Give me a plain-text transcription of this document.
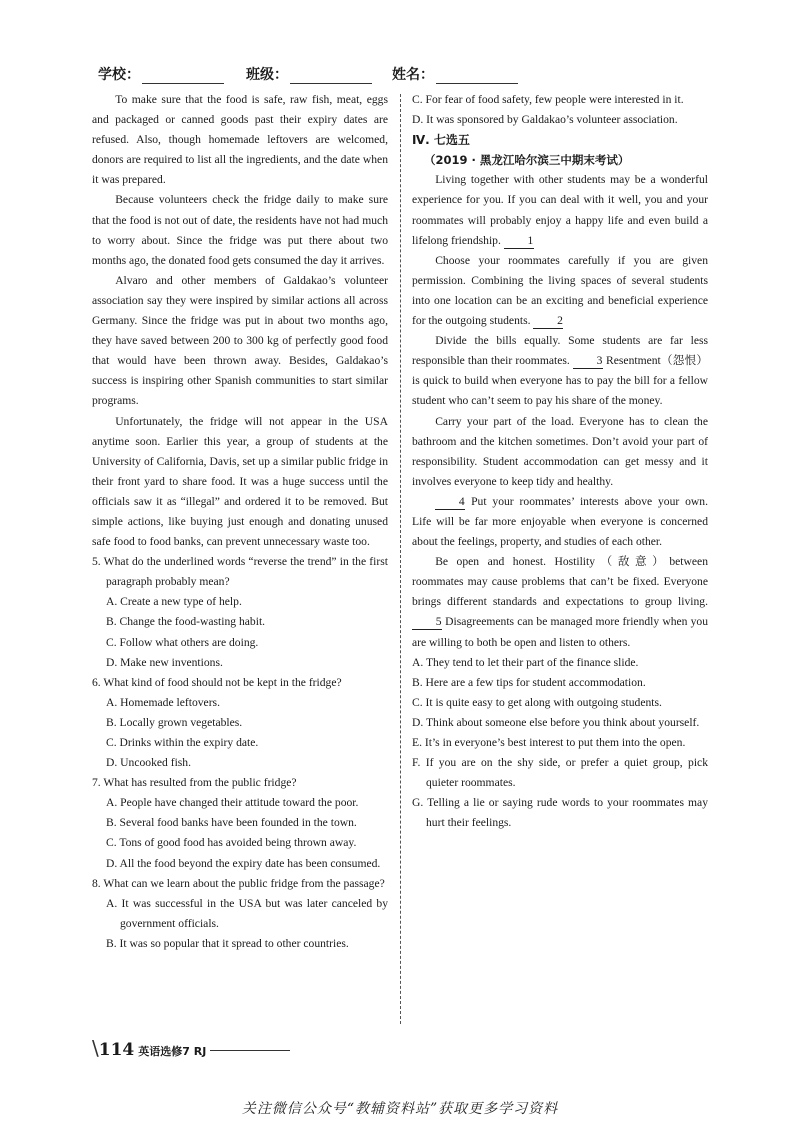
学校：	班级：	姓名：

To make sure that the food is safe, raw fish, meat, eggs and packaged or canned goods past their expiry dates are refused. Also, though homemade leftovers are welcomed, donors are required to list all the ingredients, and the date when it was prepared.

Because volunteers check the fridge daily to make sure that the food is not out of date, the residents have not had much to worry about. Since the fridge was put there about two months ago, the donated food gets consumed the day it arrives.

Alvaro and other members of Galdakao’s volunteer association say they were inspired by similar actions all across Germany. Since the fridge was put in about two months ago, they have saved between 200 to 300 kg of perfectly good food that would have been thrown away. Besides, Galdakao’s success is inspiring other Spanish communities to start similar programs.

Unfortunately, the fridge will not appear in the USA anytime soon. Earlier this year, a group of students at the University of California, Davis, set up a similar public fridge in their front yard to share food. It was a huge success until the officials saw it as “illegal” and ordered it to be removed. But simple actions, like buying just enough and donating unused safe food to food banks, can prevent unnecessary waste too.

5. What do the underlined words “reverse the trend” in the first paragraph probably mean?

A. Create a new type of help.

B. Change the food-wasting habit.

C. Follow what others are doing.

D. Make new inventions.

6. What kind of food should not be kept in the fridge?

A. Homemade leftovers.

B. Locally grown vegetables.

C. Drinks within the expiry date.

D. Uncooked fish.

7. What has resulted from the public fridge?

A. People have changed their attitude toward the poor.

B. Several food banks have been founded in the town.

C. Tons of good food has avoided being thrown away.

D. All the food beyond the expiry date has been consumed.

8. What can we learn about the public fridge from the passage?

A. It was successful in the USA but was later canceled by government officials.

B. It was so popular that it spread to other countries.

C. For fear of food safety, few people were interested in it.

D. It was sponsored by Galdakao’s volunteer association.

Ⅳ. 七选五

（2019 · 黑龙江哈尔滨三中期末考试）

Living together with other students may be a wonderful experience for you. If you can deal with it well, you and your roommates will probably enjoy a happy life and even build a lifelong friendship. 1

Choose your roommates carefully if you are given permission. Combining the living spaces of several students into one location can be an exciting and beneficial experience for the outgoing students. 2

Divide the bills equally. Some students are far less responsible than their roommates. 3 Resentment（怨恨）is quick to build when everyone has to pay the bill for a fellow student who can’t seem to pay his share of the money.

Carry your part of the load. Everyone has to clean the bathroom and the kitchen sometimes. Don’t avoid your part of responsibility. Student accommodation can get messy and it involves everyone to keep tidy and healthy.

4 Put your roommates’ interests above your own. Life will be far more enjoyable when everyone is concerned about the feelings, property, and studies of each other.

Be open and honest. Hostility（敌意）between roommates may cause problems that can’t be fixed. Everyone brings different standards and expectations to group living. 5 Disagreements can be managed more friendly when you are willing to both be open and listen to others.

A. They tend to let their part of the finance slide.

B. Here are a few tips for student accommodation.

C. It is quite easy to get along with outgoing students.

D. Think about someone else before you think about yourself.

E. It’s in everyone’s best interest to put them into the open.

F. If you are on the shy side, or prefer a quiet group, pick quieter roommates.

G. Telling a lie or saying rude words to your roommates may hurt their feelings.

\114 英语选修7 RJ
关注微信公众号“教辅资料站”获取更多学习资料
